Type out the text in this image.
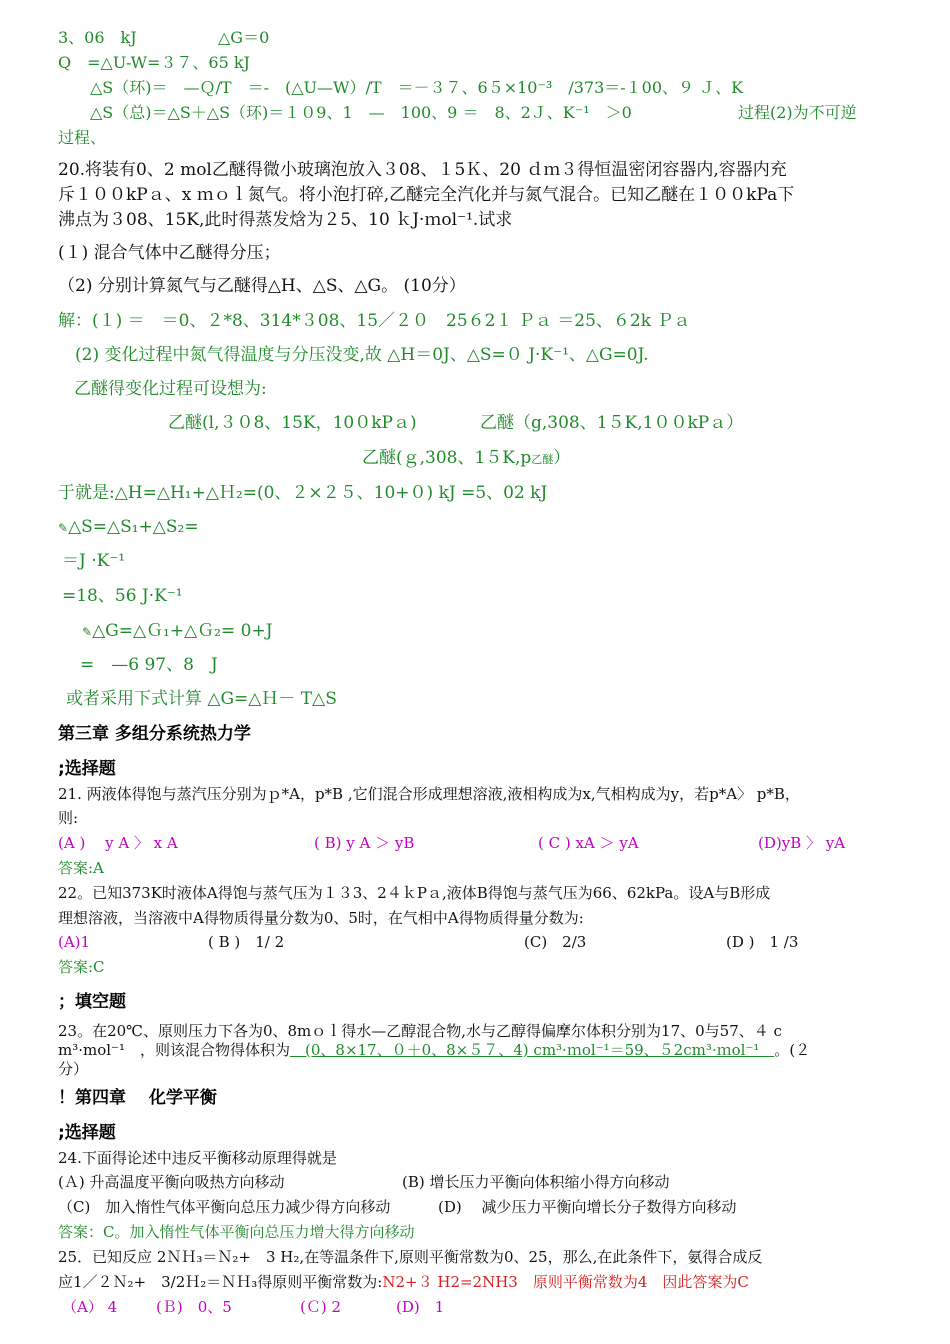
3、06　kJ	△G＝0
Q　=△U-W=３７、65 kJ
　　△S（环)＝　—Ｑ/T　＝-　(△U—W）/T　＝－３７、6５×10⁻³　/373＝-１00、９ Ｊ、K
　　△S（总)＝△S＋△S（环)＝１０9、1　—　100、9 ＝　8、2Ｊ、K⁻¹　＞0	过程(2)为不可逆
过程、
20.将装有0、2 mol乙醚得微小玻璃泡放入３08、１5Ｋ、20 ｄｍ３得恒温密闭容器内,容器内充
斥１００kPａ、x ｍｏｌ氮气。将小泡打碎,乙醚完全汽化并与氮气混合。已知乙醚在１００kPa下
沸点为３08、15K,此时得蒸发焓为２5、10 ｋJ·ｍol⁻¹.试求
(１) 混合气体中乙醚得分压；
（2) 分别计算氮气与乙醚得△H、△S、△G。 (10分）
解：(１) ＝　＝0、２*8、314*３08、15／２０　25６2１ Ｐａ ＝25、６2k Ｐａ
　(2) 变化过程中氮气得温度与分压没变,故 △H＝0J、△S=０ J·K⁻¹、△G=0J.
乙醚得变化过程可设想为:
乙醚(l,３０8、15K，10０kPａ)	乙醚（g,308、1５K,1００kPａ）
乙醚(ｇ,308、1５K,p乙醚）
于就是:△H=△H₁+△Ｈ₂=(0、２×２５、10+０) kJ =5、02 kJ
✎△S=△S₁+△S₂=
＝J ·K⁻¹
=18、56 J·K⁻¹
✎△G=△Ｇ₁+△Ｇ₂= 0+J
=　—6 97、8　J
或者采用下式计算 △G=△Ｈ－ T△S
第三章 多组分系统热力学
;选择题
21. 两液体得饱与蒸汽压分别为ｐ*A，p*B ,它们混合形成理想溶液,液相构成为x,气相构成为y，若p*A〉 p*B，
则:
(A )　 y A 〉 x A	( B) y A ＞ yB	( C ) xA ＞ yA	(D)yB 〉 yA
答案:A
22。已知373K时液体A得饱与蒸气压为１３3、2４ｋPａ,液体B得饱与蒸气压为66、62kPa。设A与B形成
理想溶液，当溶液中A得物质得量分数为0、5时，在气相中A得物质得量分数为:
(A)1	( B )　1/ 2	(C)　2/3	(D )　1 /3
答案:C
；填空题
23。在20℃、原则压力下各为0、8mｏｌ得水—乙醇混合物,水与乙醇得偏摩尔体积分别为17、0与57、４ c
m³·mol⁻¹　，则该混合物得体积为　(0、8×17、０＋0、8×５７、4) cm³·ｍol⁻¹＝59、５2cm³·ｍol⁻¹　。(２
分）
！第四章　 化学平衡
;选择题
24.下面得论述中违反平衡移动原理得就是
(Ａ) 升高温度平衡向吸热方向移动	(B) 增长压力平衡向体积缩小得方向移动
（C)　加入惰性气体平衡向总压力减少得方向移动	(D)　 减少压力平衡向增长分子数得方向移动
答案：C。加入惰性气体平衡向总压力增大得方向移动
25．已知反应 2ＮＨ₃＝Ｎ₂+　3 H₂,在等温条件下,原则平衡常数为0、25，那么,在此条件下，氨得合成反
应1／２Ｎ₂+　3/2Ｈ₂＝ＮＨ₃得原则平衡常数为:N2+３ H2=2NH3　原则平衡常数为4　因此答案为C
（A） 4	(Ｂ)　0、5	(Ｃ) 2	(D)　1
